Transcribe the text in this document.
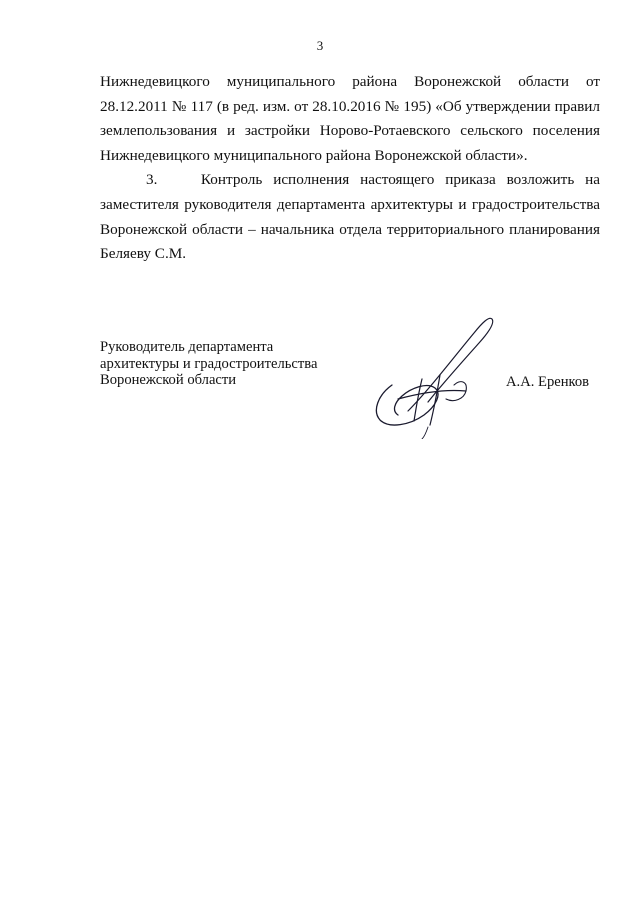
3

Нижнедевицкого муниципального района Воронежской области от 28.12.2011 № 117 (в ред. изм. от 28.10.2016 № 195) «Об утверждении правил землепользования и застройки Норово-Ротаевского сельского поселения Нижнедевицкого муниципального района Воронежской области».

3.    Контроль исполнения настоящего приказа возложить на заместителя руководителя департамента архитектуры и градостроительства Воронежской области – начальника отдела территориального планирования Беляеву С.М.

Руководитель департамента
архитектуры и градостроительства
Воронежской области	А.А. Еренков
